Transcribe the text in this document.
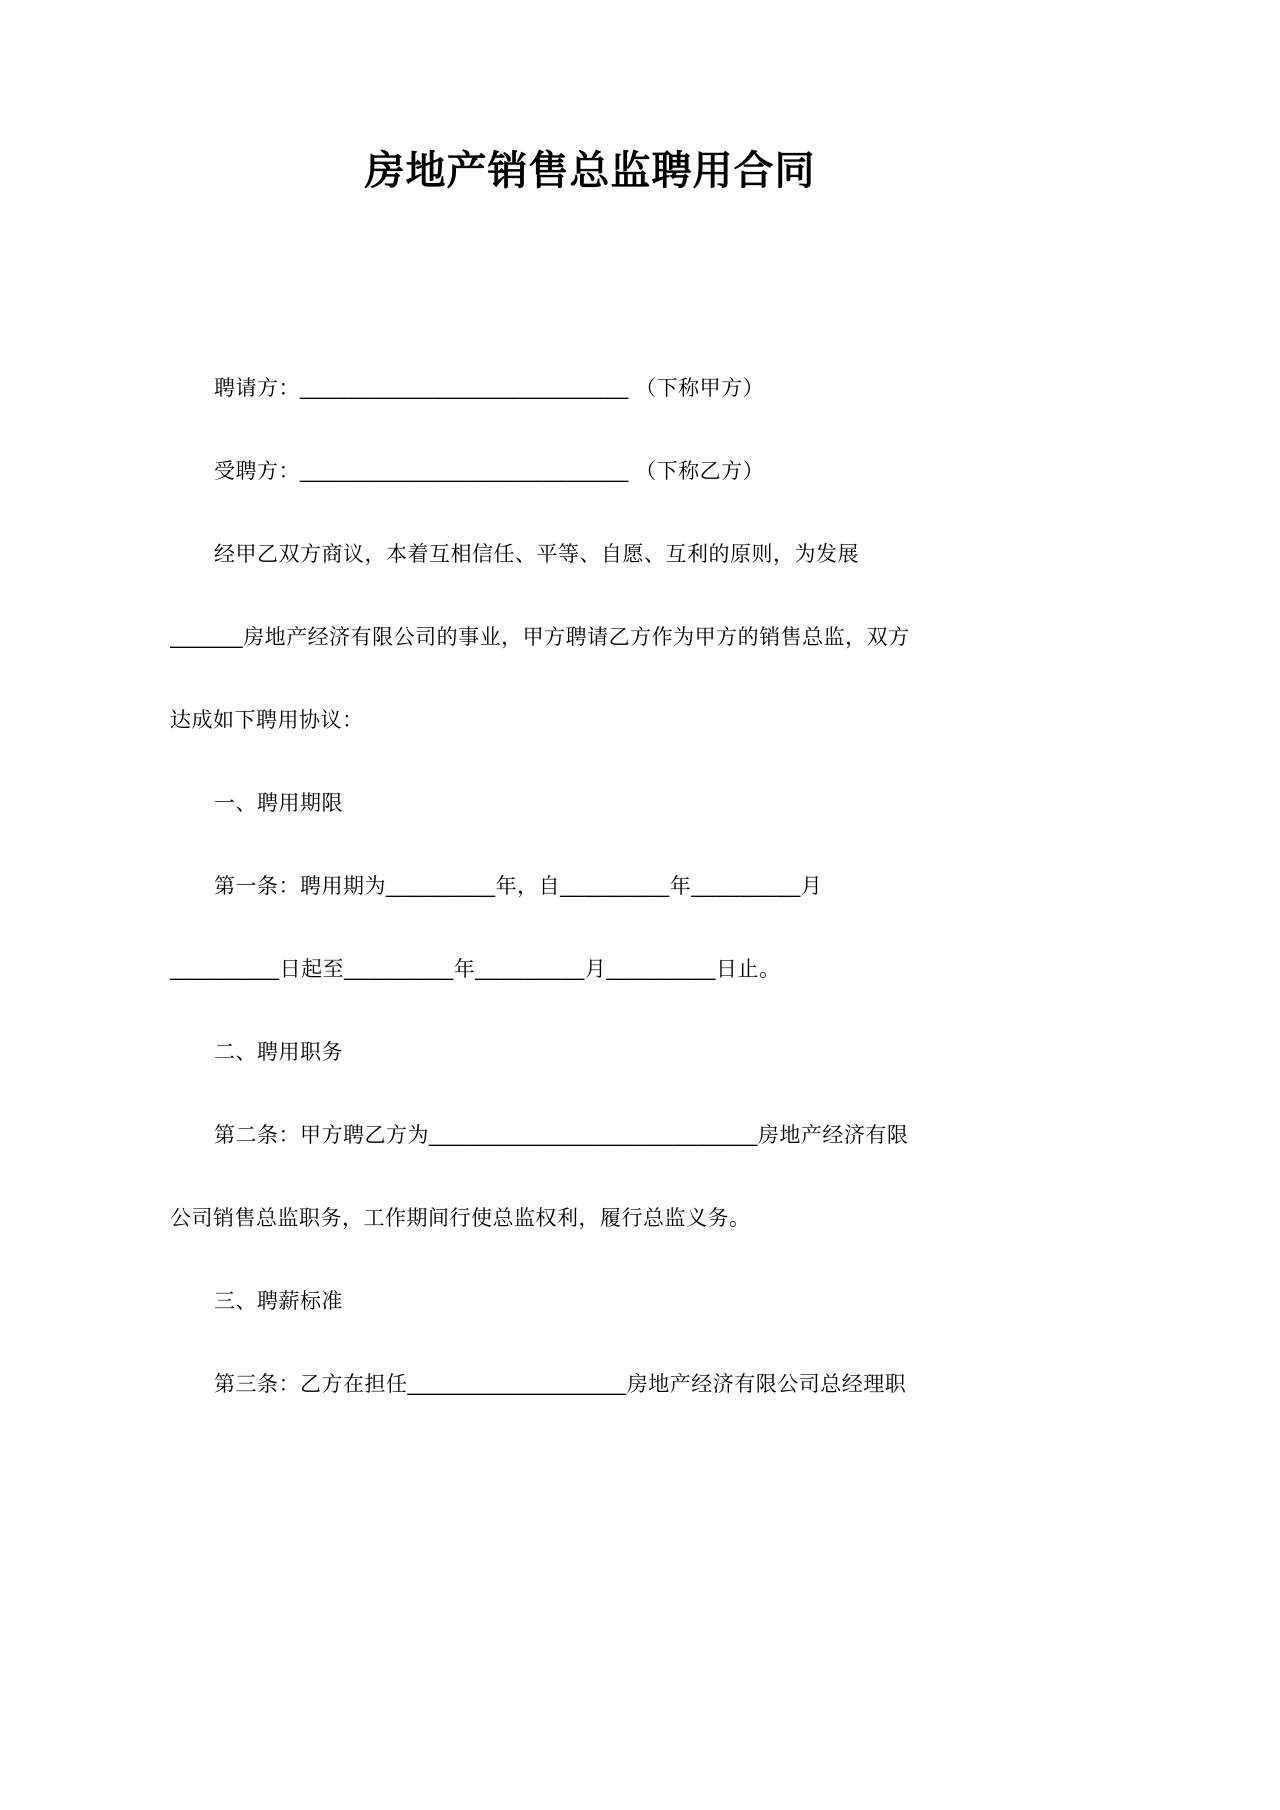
房地产销售总监聘用合同
聘请方：___________________________ （下称甲方）
受聘方：___________________________ （下称乙方）
经甲乙双方商议，本着互相信任、平等、自愿、互利的原则，为发展
______房地产经济有限公司的事业，甲方聘请乙方作为甲方的销售总监，双方
达成如下聘用协议：
一、聘用期限
第一条：聘用期为_________年，自_________年_________月
_________日起至_________年_________月_________日止。
二、聘用职务
第二条：甲方聘乙方为___________________________房地产经济有限
公司销售总监职务，工作期间行使总监权利，履行总监义务。
三、聘薪标准
第三条：乙方在担任__________________房地产经济有限公司总经理职
